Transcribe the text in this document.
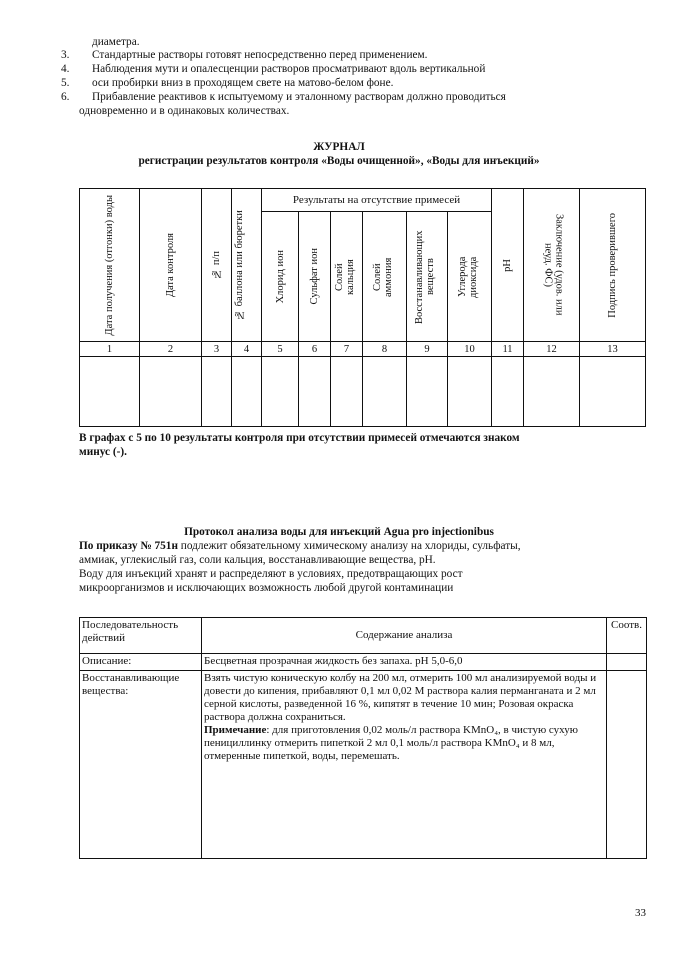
диаметра.
3. Стандартные растворы готовят непосредственно перед применением.
4. Наблюдения мути и опалесценции растворов просматривают вдоль вертикальной
5. оси пробирки вниз в проходящем свете на матово-белом фоне.
6. Прибавление реактивов к испытуемому и эталонному растворам должно проводиться
одновременно и в одинаковых количествах.
ЖУРНАЛ
регистрации результатов контроля «Воды очищенной», «Воды для инъекций»
Дата получения (отгонки) воды	Дата контроля	№ п/п	№ баллона или бюретки	Результаты на отсутствие примесей						pH	Заключение (удов. или неуд. ФС)	Подпись проверившего

				Хлорид ион	Сульфат ион	Солей кальция	Солей аммония	Восстанавливающих веществ	Углерода диоксида			

1	2	3	4	5	6	7	8	9	10	11	12	13

В графах с 5 по 10 результаты контроля при отсутствии примесей отмечаются знаком
минус (-).
Протокол анализа воды для инъекций Agua pro injectionibus
По приказу № 751н подлежит обязательному химическому анализу на хлориды, сульфаты,
аммиак, углекислый газ, соли кальция, восстанавливающие вещества, pH.
Воду для инъекций хранят и распределяют в условиях, предотвращающих рост
микроорганизмов и исключающих возможность любой другой контаминации
Последовательность действий	Содержание анализа	Соотв.
Описание:	Бесцветная прозрачная жидкость без запаха. pH 5,0-6,0	
Восстанавливающие вещества:	Взять чистую коническую колбу на 200 мл, отмерить 100 мл анализируемой воды и довести до кипения, прибавляют 0,1 мл 0,02 М раствора калия перманганата и 2 мл серной кислоты, разведенной 16 %, кипятят в течение 10 мин; Розовая окраска раствора должна сохраниться.
Примечание: для приготовления 0,02 моль/л раствора KMnO₄, в чистую сухую пенициллинку отмерить пипеткой 2 мл 0,1 моль/л раствора KMnO₄ и 8 мл, отмеренные пипеткой, воды, перемешать.	

33
